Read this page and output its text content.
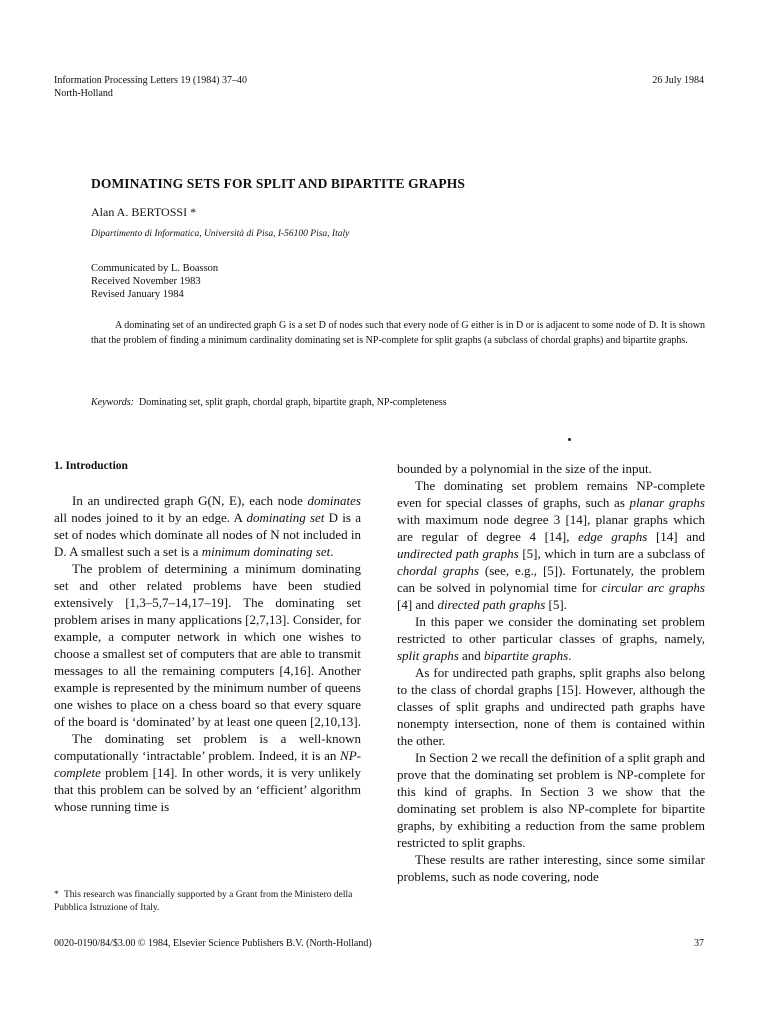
Information Processing Letters 19 (1984) 37–40
North-Holland
26 July 1984
DOMINATING SETS FOR SPLIT AND BIPARTITE GRAPHS
Alan A. BERTOSSI *
Dipartimento di Informatica, Università di Pisa, I-56100 Pisa, Italy
Communicated by L. Boasson
Received November 1983
Revised January 1984
A dominating set of an undirected graph G is a set D of nodes such that every node of G either is in D or is adjacent to some node of D. It is shown that the problem of finding a minimum cardinality dominating set is NP-complete for split graphs (a subclass of chordal graphs) and bipartite graphs.
Keywords: Dominating set, split graph, chordal graph, bipartite graph, NP-completeness
1. Introduction

In an undirected graph G(N, E), each node dominates all nodes joined to it by an edge. A dominating set D is a set of nodes which dominate all nodes of N not included in D. A smallest such a set is a minimum dominating set.

The problem of determining a minimum dominating set and other related problems have been studied extensively [1,3–5,7–14,17–19]. The dominating set problem arises in many applications [2,7,13]. Consider, for example, a computer network in which one wishes to choose a smallest set of computers that are able to transmit messages to all the remaining computers [4,16]. Another example is represented by the minimum number of queens one wishes to place on a chess board so that every square of the board is ‘dominated’ by at least one queen [2,10,13].

The dominating set problem is a well-known computationally ‘intractable’ problem. Indeed, it is an NP-complete problem [14]. In other words, it is very unlikely that this problem can be solved by an ‘efficient’ algorithm whose running time is

* This research was financially supported by a Grant from the Ministero della Pubblica Istruzione of Italy.
bounded by a polynomial in the size of the input.

The dominating set problem remains NP-complete even for special classes of graphs, such as planar graphs with maximum node degree 3 [14], planar graphs which are regular of degree 4 [14], edge graphs [14] and undirected path graphs [5], which in turn are a subclass of chordal graphs (see, e.g., [5]). Fortunately, the problem can be solved in polynomial time for circular arc graphs [4] and directed path graphs [5].

In this paper we consider the dominating set problem restricted to other particular classes of graphs, namely, split graphs and bipartite graphs.

As for undirected path graphs, split graphs also belong to the class of chordal graphs [15]. However, although the classes of split graphs and undirected path graphs have nonempty intersection, none of them is contained within the other.

In Section 2 we recall the definition of a split graph and prove that the dominating set problem is NP-complete for this kind of graphs. In Section 3 we show that the dominating set problem is also NP-complete for bipartite graphs, by exhibiting a reduction from the same problem restricted to split graphs.

These results are rather interesting, since some similar problems, such as node covering, node

0020-0190/84/$3.00 © 1984, Elsevier Science Publishers B.V. (North-Holland)	37
